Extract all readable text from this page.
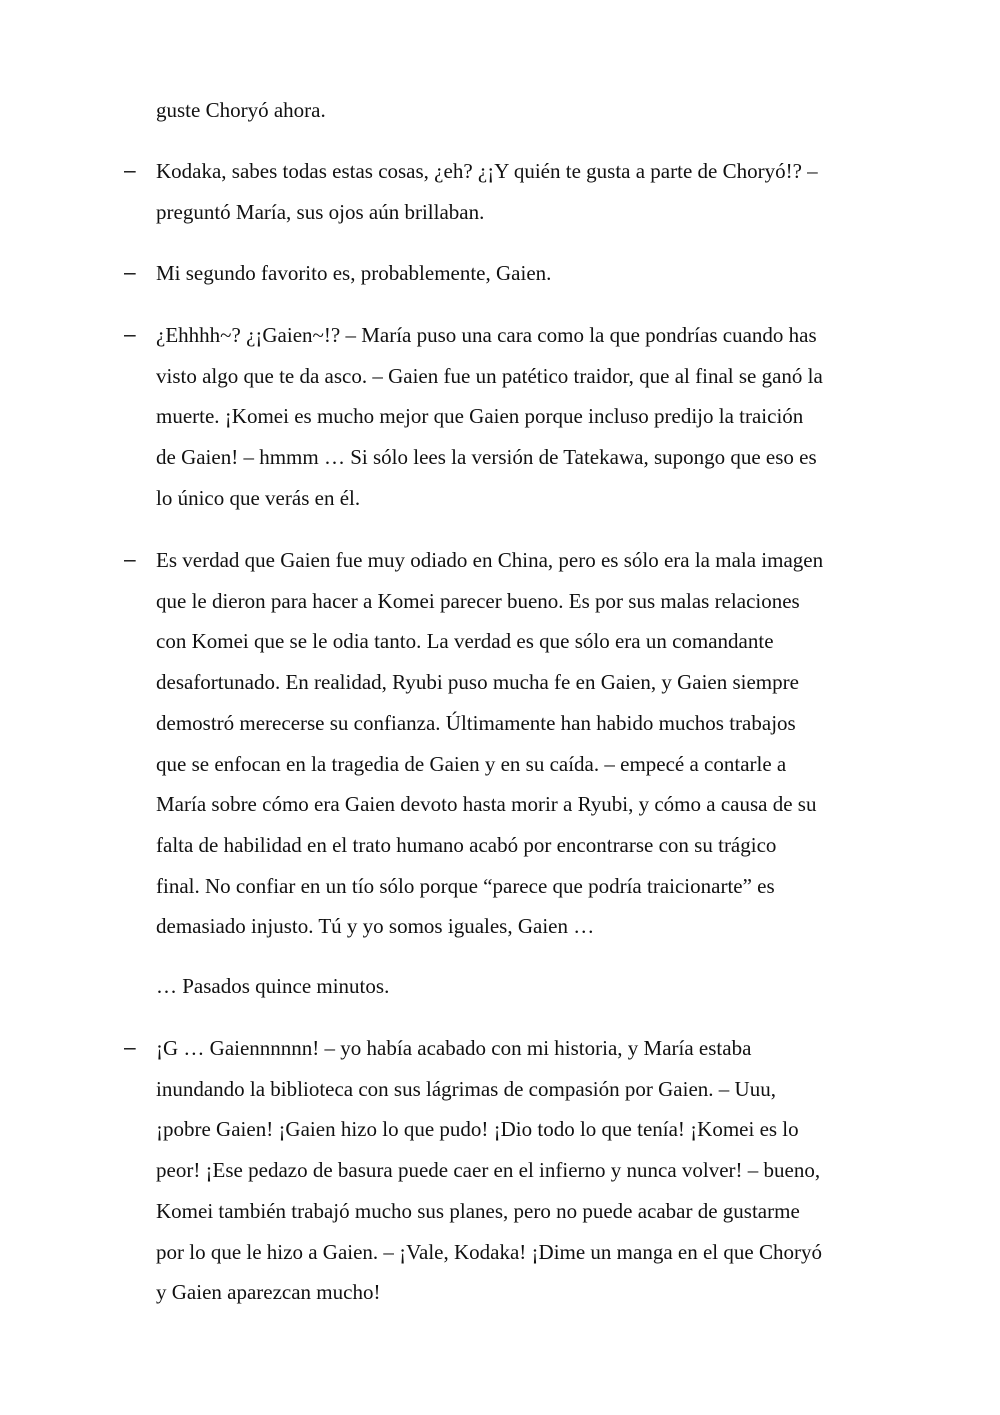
guste Choryó ahora.

– Kodaka, sabes todas estas cosas, ¿eh? ¿¡Y quién te gusta a parte de Choryó!? –
preguntó María, sus ojos aún brillaban.

– Mi segundo favorito es, probablemente, Gaien.

– ¿Ehhhh~? ¿¡Gaien~!? – María puso una cara como la que pondrías cuando has
visto algo que te da asco. – Gaien fue un patético traidor, que al final se ganó la
muerte. ¡Komei es mucho mejor que Gaien porque incluso predijo la traición
de Gaien! – hmmm … Si sólo lees la versión de Tatekawa, supongo que eso es
lo único que verás en él.

– Es verdad que Gaien fue muy odiado en China, pero es sólo era la mala imagen
que le dieron para hacer a Komei parecer bueno. Es por sus malas relaciones
con Komei que se le odia tanto. La verdad es que sólo era un comandante
desafortunado. En realidad, Ryubi puso mucha fe en Gaien, y Gaien siempre
demostró merecerse su confianza. Últimamente han habido muchos trabajos
que se enfocan en la tragedia de Gaien y en su caída. – empecé a contarle a
María sobre cómo era Gaien devoto hasta morir a Ryubi, y cómo a causa de su
falta de habilidad en el trato humano acabó por encontrarse con su trágico
final. No confiar en un tío sólo porque “parece que podría traicionarte” es
demasiado injusto. Tú y yo somos iguales, Gaien …

… Pasados quince minutos.

– ¡G … Gaiennnnnn! – yo había acabado con mi historia, y María estaba
inundando la biblioteca con sus lágrimas de compasión por Gaien. – Uuu,
¡pobre Gaien! ¡Gaien hizo lo que pudo! ¡Dio todo lo que tenía! ¡Komei es lo
peor! ¡Ese pedazo de basura puede caer en el infierno y nunca volver! – bueno,
Komei también trabajó mucho sus planes, pero no puede acabar de gustarme
por lo que le hizo a Gaien. – ¡Vale, Kodaka! ¡Dime un manga en el que Choryó
y Gaien aparezcan mucho!
